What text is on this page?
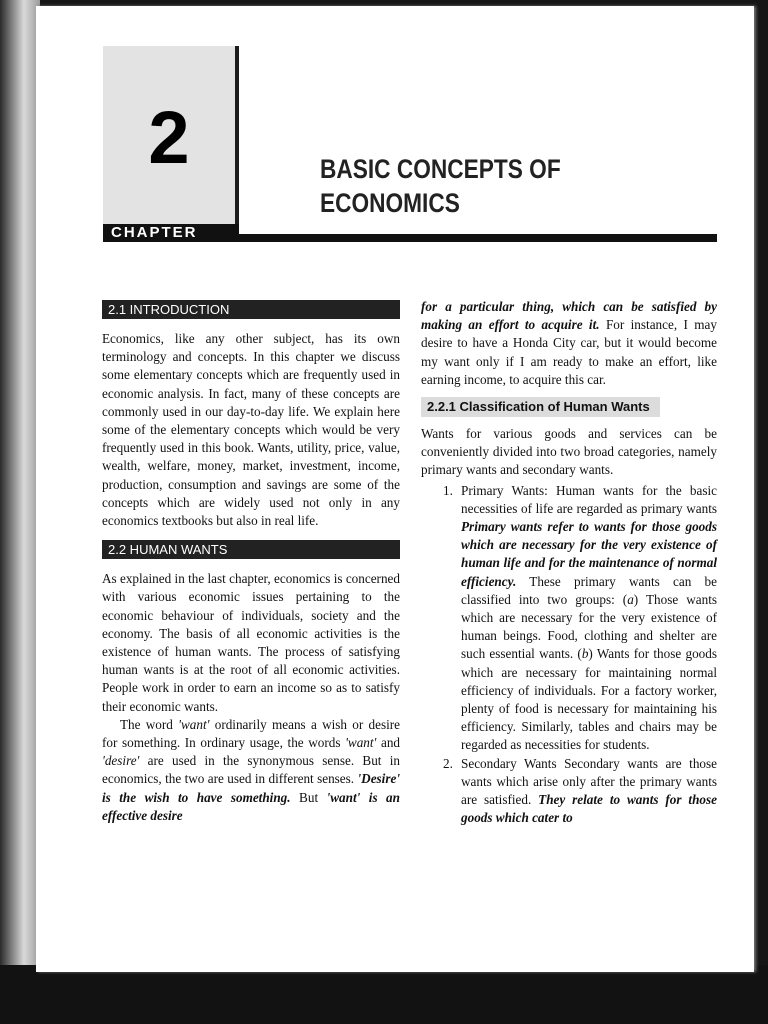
2
CHAPTER
BASIC CONCEPTS OF
ECONOMICS
2.1 INTRODUCTION

Economics, like any other subject, has its own terminology and concepts. In this chapter we discuss some elementary concepts which are frequently used in economic analysis. In fact, many of these concepts are commonly used in our day-to-day life. We explain here some of the elementary concepts which would be very frequently used in this book. Wants, utility, price, value, wealth, welfare, money, market, investment, income, production, consumption and savings are some of the concepts which are widely used not only in any economics textbooks but also in real life.

2.2 HUMAN WANTS

As explained in the last chapter, economics is concerned with various economic issues pertaining to the economic behaviour of individuals, society and the economy. The basis of all economic activities is the existence of human wants. The process of satisfying human wants is at the root of all economic activities. People work in order to earn an income so as to satisfy their economic wants.

The word 'want' ordinarily means a wish or desire for something. In ordinary usage, the words 'want' and 'desire' are used in the synonymous sense. But in economics, the two are used in different senses. 'Desire' is the wish to have something. But 'want' is an effective desire

for a particular thing, which can be satisfied by making an effort to acquire it. For instance, I may desire to have a Honda City car, but it would become my want only if I am ready to make an effort, like earning income, to acquire this car.

2.2.1 Classification of Human Wants

Wants for various goods and services can be conveniently divided into two broad categories, namely primary wants and secondary wants.

1. Primary Wants: Human wants for the basic necessities of life are regarded as primary wants Primary wants refer to wants for those goods which are necessary for the very existence of human life and for the maintenance of normal efficiency. These primary wants can be classified into two groups: (a) Those wants which are necessary for the very existence of human beings. Food, clothing and shelter are such essential wants. (b) Wants for those goods which are necessary for maintaining normal efficiency of individuals. For a factory worker, plenty of food is necessary for maintaining his efficiency. Similarly, tables and chairs may be regarded as necessities for students.
2. Secondary Wants Secondary wants are those wants which arise only after the primary wants are satisfied. They relate to wants for those goods which cater to
